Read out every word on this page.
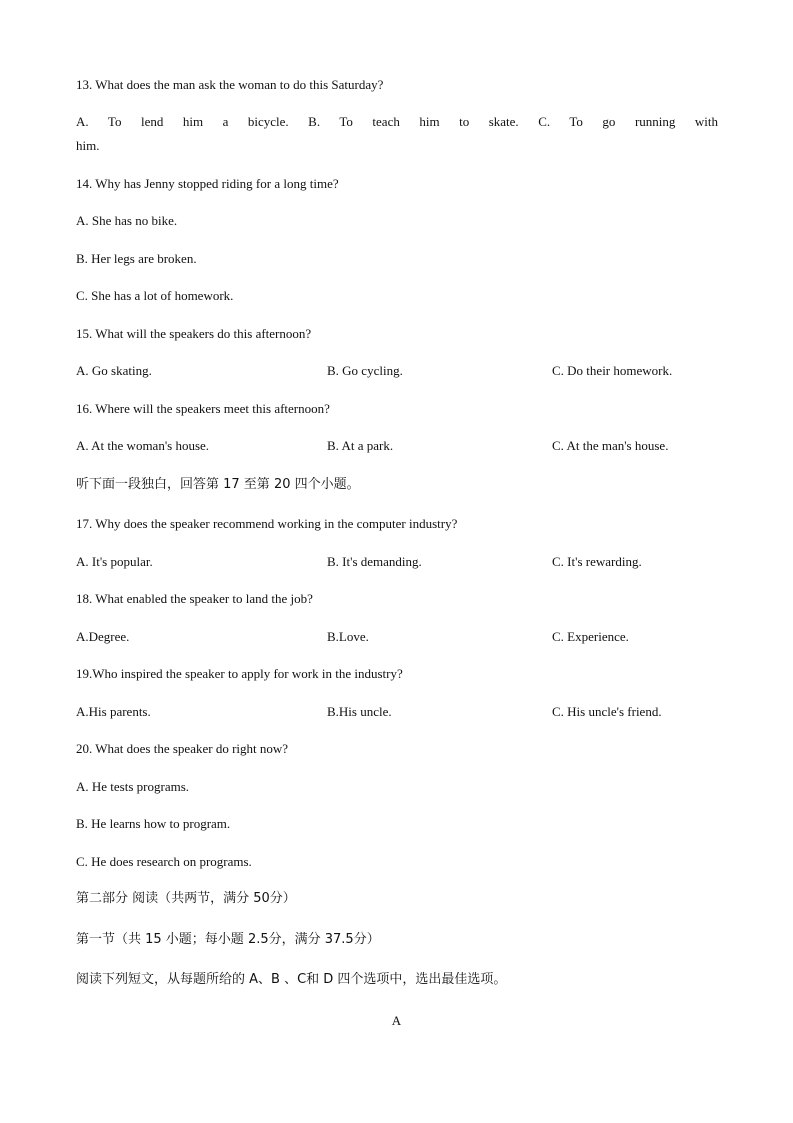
13. What does the man ask the woman to do this Saturday?
A. To lend him a bicycle. B. To teach him to skate. C. To go running with
him.
14. Why has Jenny stopped riding for a long time?
A. She has no bike.
B. Her legs are broken.
C. She has a lot of homework.
15. What will the speakers do this afternoon?
A. Go skating.	B. Go cycling.	C. Do their homework.
16. Where will the speakers meet this afternoon?
A. At the woman's house.	B. At a park.	C. At the man's house.
听下面一段独白，回答第 17 至第 20 四个小题。
17. Why does the speaker recommend working in the computer industry?
A. It's popular.	B. It's demanding.	C. It's rewarding.
18. What enabled the speaker to land the job?
A.Degree.	B.Love.	C. Experience.
19.Who inspired the speaker to apply for work in the industry?
A.His parents.	B.His uncle.	C. His uncle's friend.
20. What does the speaker do right now?
A. He tests programs.
B. He learns how to program.
C. He does research on programs.
第二部分 阅读（共两节，满分 50分）
第一节（共 15 小题；每小题 2.5分，满分 37.5分）
阅读下列短文，从每题所给的 A、B 、C和 D 四个选项中，选出最佳选项。
A
